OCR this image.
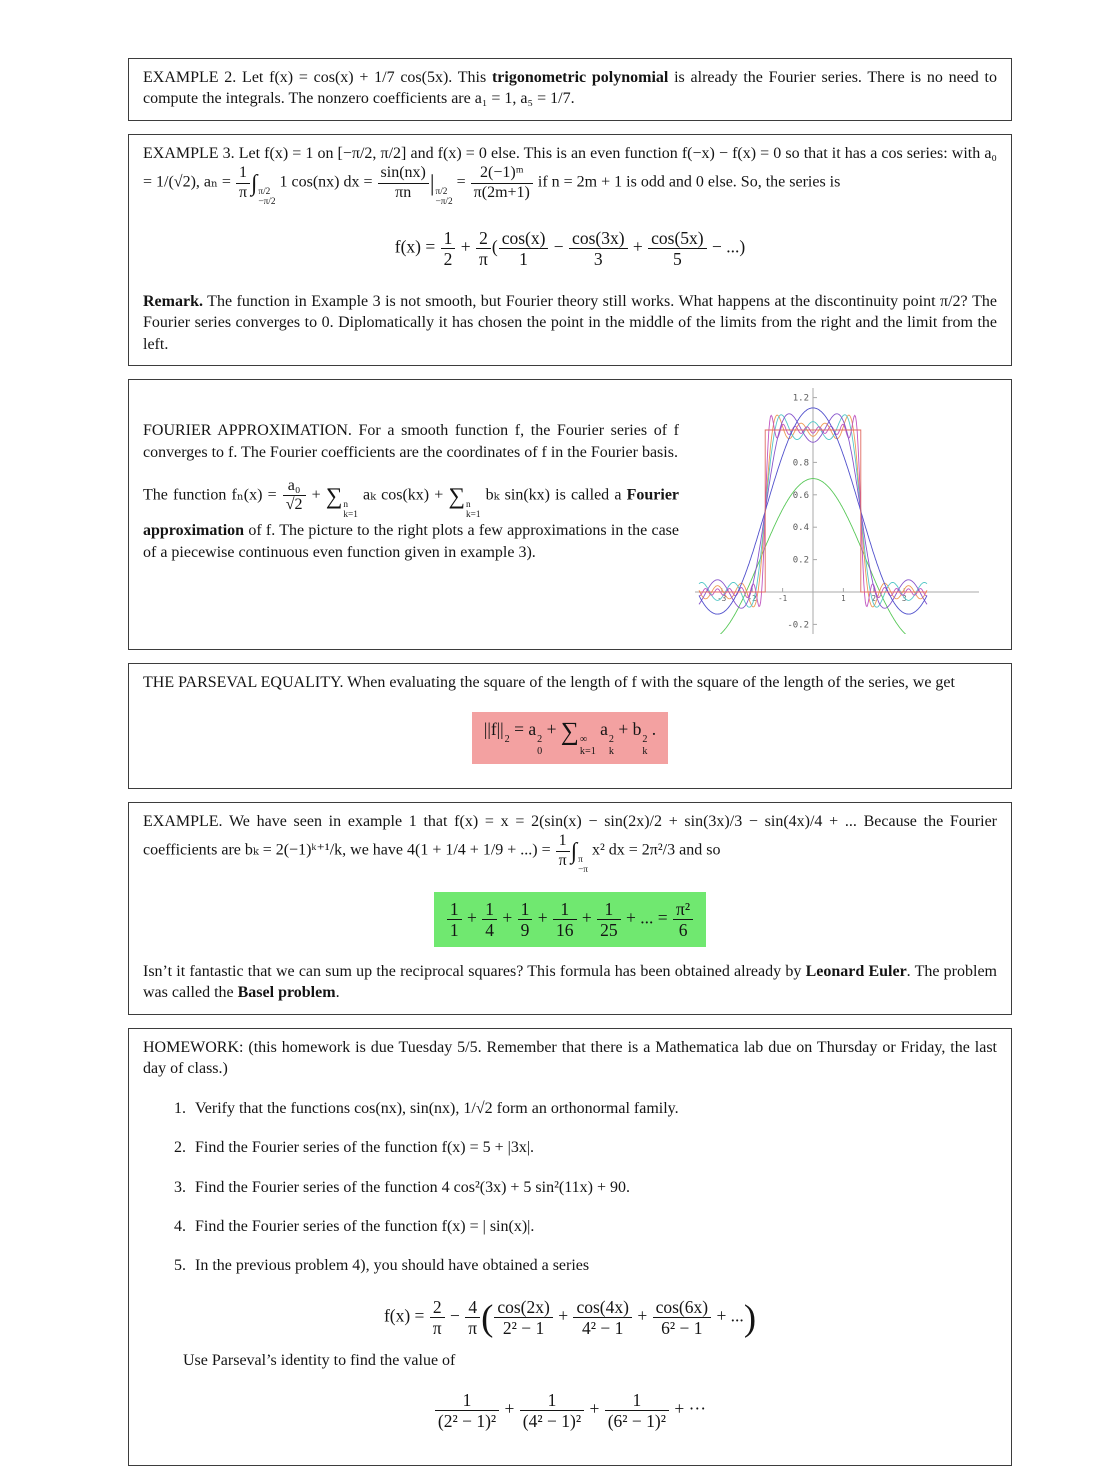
EXAMPLE 2. Let f(x) = cos(x) + 1/7 cos(5x). This trigonometric polynomial is already the Fourier series. There is no need to compute the integrals. The nonzero coefficients are a₁ = 1, a₅ = 1/7.
EXAMPLE 3. Let f(x) = 1 on [−π/2, π/2] and f(x) = 0 else. This is an even function f(−x) − f(x) = 0 so that it has a cos series: with a₀ = 1/(√2), $a_n = \frac{1}{\pi}$ ∫ π/2
−π/2
1 cos(nx) dx = $\frac{\sin(nx)}{\pi n}$ | π/2
−π/2
= $\frac{\text{2(−1)ᵐ}}{\pi(2m+1)}$ if n = 2m + 1 is odd and 0 else. So, the series is
$f(x) = \frac{1}{2} + \frac{2}{\pi}$ ( $\frac{\cos(x)}{1} - \frac{\cos(3x)}{3} + \frac{\cos(5x)}{5}$ − ...)
Remark. The function in Example 3 is not smooth, but Fourier theory still works. What happens at the discontinuity point π/2? The Fourier series converges to 0. Diplomatically it has chosen the point in the middle of the limits from the right and the limit from the left.
FOURIER APPROXIMATION. For a smooth function f, the Fourier series of f converges to f. The Fourier coefficients are the coordinates of f in the Fourier basis.
The function $f_n(x) = \frac{\text{a₀}}{√2}$ + ∑ n
k=1
aₖ cos(kx) + ∑ n
k=1
bₖ sin(kx) is called a Fourier approximation of f. The picture to the right plots a few approximations in the case of a piecewise continuous even function given in example 3).
1.2
0.8
0.6
0.4
0.2
-0.2
-3	-2	-1	1	2	3
THE PARSEVAL EQUALITY. When evaluating the square of the length of f with the square of the length of the series, we get
||f||
2
= a
2
0
+ ∑ ∞
k=1
a
2
k
+ b
2
k
.
EXAMPLE. We have seen in example 1 that f(x) = x = 2(sin(x) − sin(2x)/2 + sin(3x)/3 − sin(4x)/4 + ... Because the Fourier coefficients are bₖ = 2(−1)ᵏ⁺¹/k, we have 4(1 + 1/4 + 1/9 + ...) = $\frac{1}{\pi}$ ∫ π
−π
x² dx = 2π²/3 and so
$\frac{1}{1} + \frac{1}{4} + \frac{1}{9} + \frac{1}{16} + \frac{1}{25}$ + ... = $\frac{\text{π²}}{6}$
Isn’t it fantastic that we can sum up the reciprocal squares? This formula has been obtained already by Leonard Euler. The problem was called the Basel problem.
HOMEWORK: (this homework is due Tuesday 5/5. Remember that there is a Mathematica lab due on Thursday or Friday, the last day of class.)
1. Verify that the functions cos(nx), sin(nx), 1/√2 form an orthonormal family.
2. Find the Fourier series of the function f(x) = 5 + |3x|.
3. Find the Fourier series of the function 4 cos²(3x) + 5 sin²(11x) + 90.
4. Find the Fourier series of the function f(x) = | sin(x)|.
5. In the previous problem 4), you should have obtained a series
$f(x) = \frac{2}{\pi} - \frac{4}{\pi}$ ( $\frac{\cos(2x)}{\text{2² − 1}} + \frac{\cos(4x)}{\text{4² − 1}} + \frac{\cos(6x)}{\text{6² − 1}}$ + ...)
Use Parseval’s identity to find the value of
$\frac{1}{\text{(2² − 1)²}} + \frac{1}{\text{(4² − 1)²}} + \frac{1}{\text{(6² − 1)²}}$ + ···
